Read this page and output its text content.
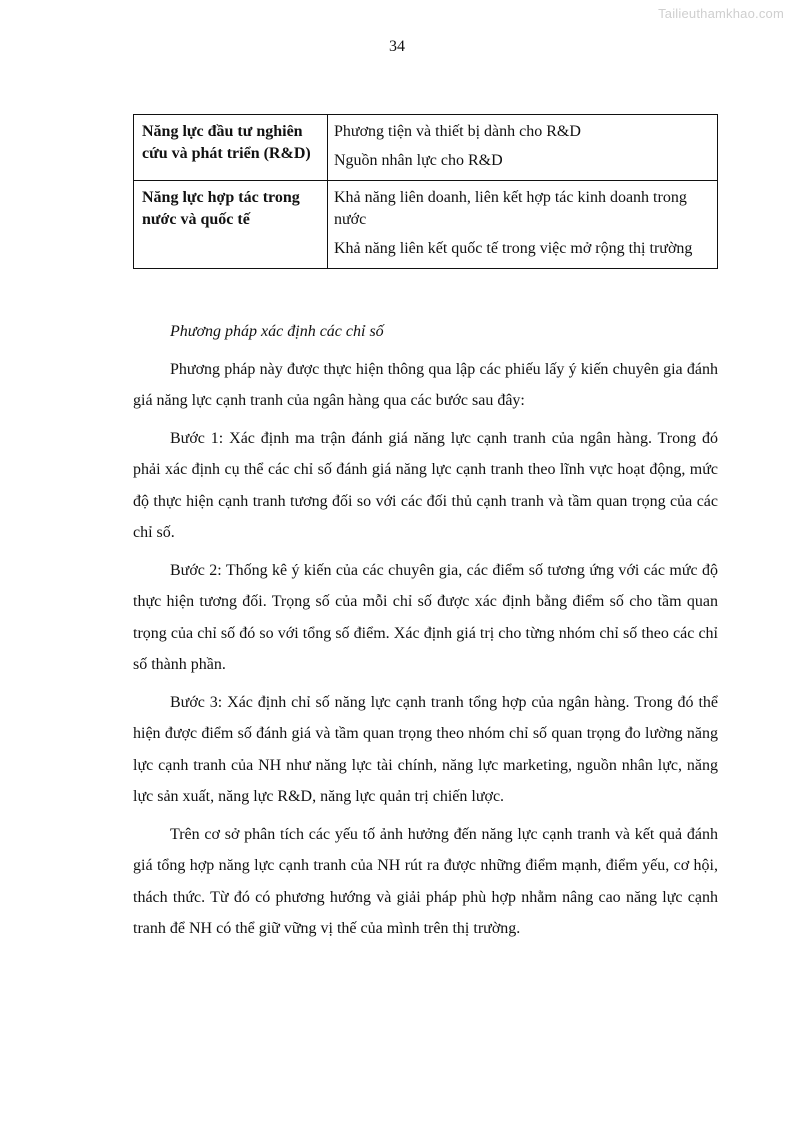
Tailieuthamkhao.com
34
Năng lực đầu tư nghiên cứu và phát triển (R&D)	Phương tiện và thiết bị dành cho R&D

Nguồn nhân lực cho R&D

Năng lực hợp tác trong nước và quốc tế	Khả năng liên doanh, liên kết hợp tác kinh doanh trong nước

Khả năng liên kết quốc tế trong việc mở rộng thị trường

Phương pháp xác định các chỉ số

Phương pháp này được thực hiện thông qua lập các phiếu lấy ý kiến chuyên gia đánh giá năng lực cạnh tranh của ngân hàng qua các bước sau đây:

Bước 1: Xác định ma trận đánh giá năng lực cạnh tranh của ngân hàng. Trong đó phải xác định cụ thể các chỉ số đánh giá năng lực cạnh tranh theo lĩnh vực hoạt động, mức độ thực hiện cạnh tranh tương đối so với các đối thủ cạnh tranh và tầm quan trọng của các chỉ số.

Bước 2: Thống kê ý kiến của các chuyên gia, các điểm số tương ứng với các mức độ thực hiện tương đối. Trọng số của mỗi chỉ số được xác định bằng điểm số cho tầm quan trọng của chỉ số đó so với tổng số điểm. Xác định giá trị cho từng nhóm chỉ số theo các chỉ số thành phần.

Bước 3: Xác định chỉ số năng lực cạnh tranh tổng hợp của ngân hàng. Trong đó thể hiện được điểm số đánh giá và tầm quan trọng theo nhóm chỉ số quan trọng đo lường năng lực cạnh tranh của NH như năng lực tài chính, năng lực marketing, nguồn nhân lực, năng lực sản xuất, năng lực R&D, năng lực quản trị chiến lược.

Trên cơ sở phân tích các yếu tố ảnh hưởng đến năng lực cạnh tranh và kết quả đánh giá tổng hợp năng lực cạnh tranh của NH rút ra được những điểm mạnh, điểm yếu, cơ hội, thách thức. Từ đó có phương hướng và giải pháp phù hợp nhằm nâng cao năng lực cạnh tranh để NH có thể giữ vững vị thế của mình trên thị trường.
